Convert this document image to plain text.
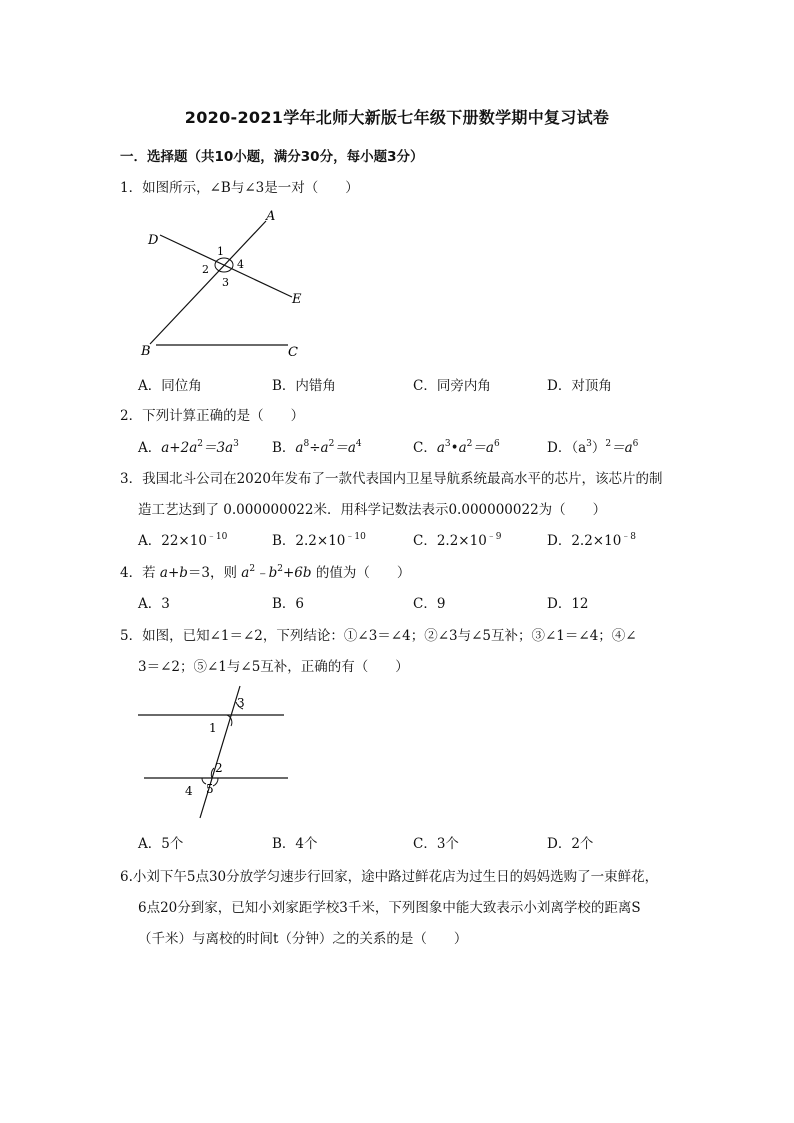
2020-2021学年北师大新版七年级下册数学期中复习试卷
一．选择题（共10小题，满分30分，每小题3分）
1．如图所示，∠B与∠3是一对（　　）
A
B	C
D
E
1
2
3
4
A．同位角	B．内错角	C．同旁内角	D．对顶角
2．下列计算正确的是（　　）
A．$a+2a^2=3a^3$ B．$a^8\div a^2=a^4$	C．$a^3•a^2=a^6$	D．$(a^3)^2=a^6$
3．我国北斗公司在2020年发布了一款代表国内卫星导航系统最高水平的芯片，该芯片的制
造工艺达到了 0.000000022米．用科学记数法表示0.000000022为（　　）
A．$22\times 10^{﹣10}$	B．$2.2\times 10^{﹣10}$	C．$2.2\times 10^{﹣9}$	D．$2.2\times 10^{﹣8}$
4．若 a+b＝3，则 $a^2﹣b^2+6b$ 的值为（　　）
A．3	B．6	C．9	D．12
5．如图，已知∠1＝∠2，下列结论：①∠3＝∠4；②∠3与∠5互补；③∠1＝∠4；④∠
3＝∠2；⑤∠1与∠5互补，正确的有（　　）
3
1
2
4 5
A．5个	B．4个	C．3个	D．2个
6.小刘下午5点30分放学匀速步行回家，途中路过鲜花店为过生日的妈妈选购了一束鲜花，
6点20分到家，已知小刘家距学校3千米，下列图象中能大致表示小刘离学校的距离S
（千米）与离校的时间t（分钟）之的关系的是（　　）
